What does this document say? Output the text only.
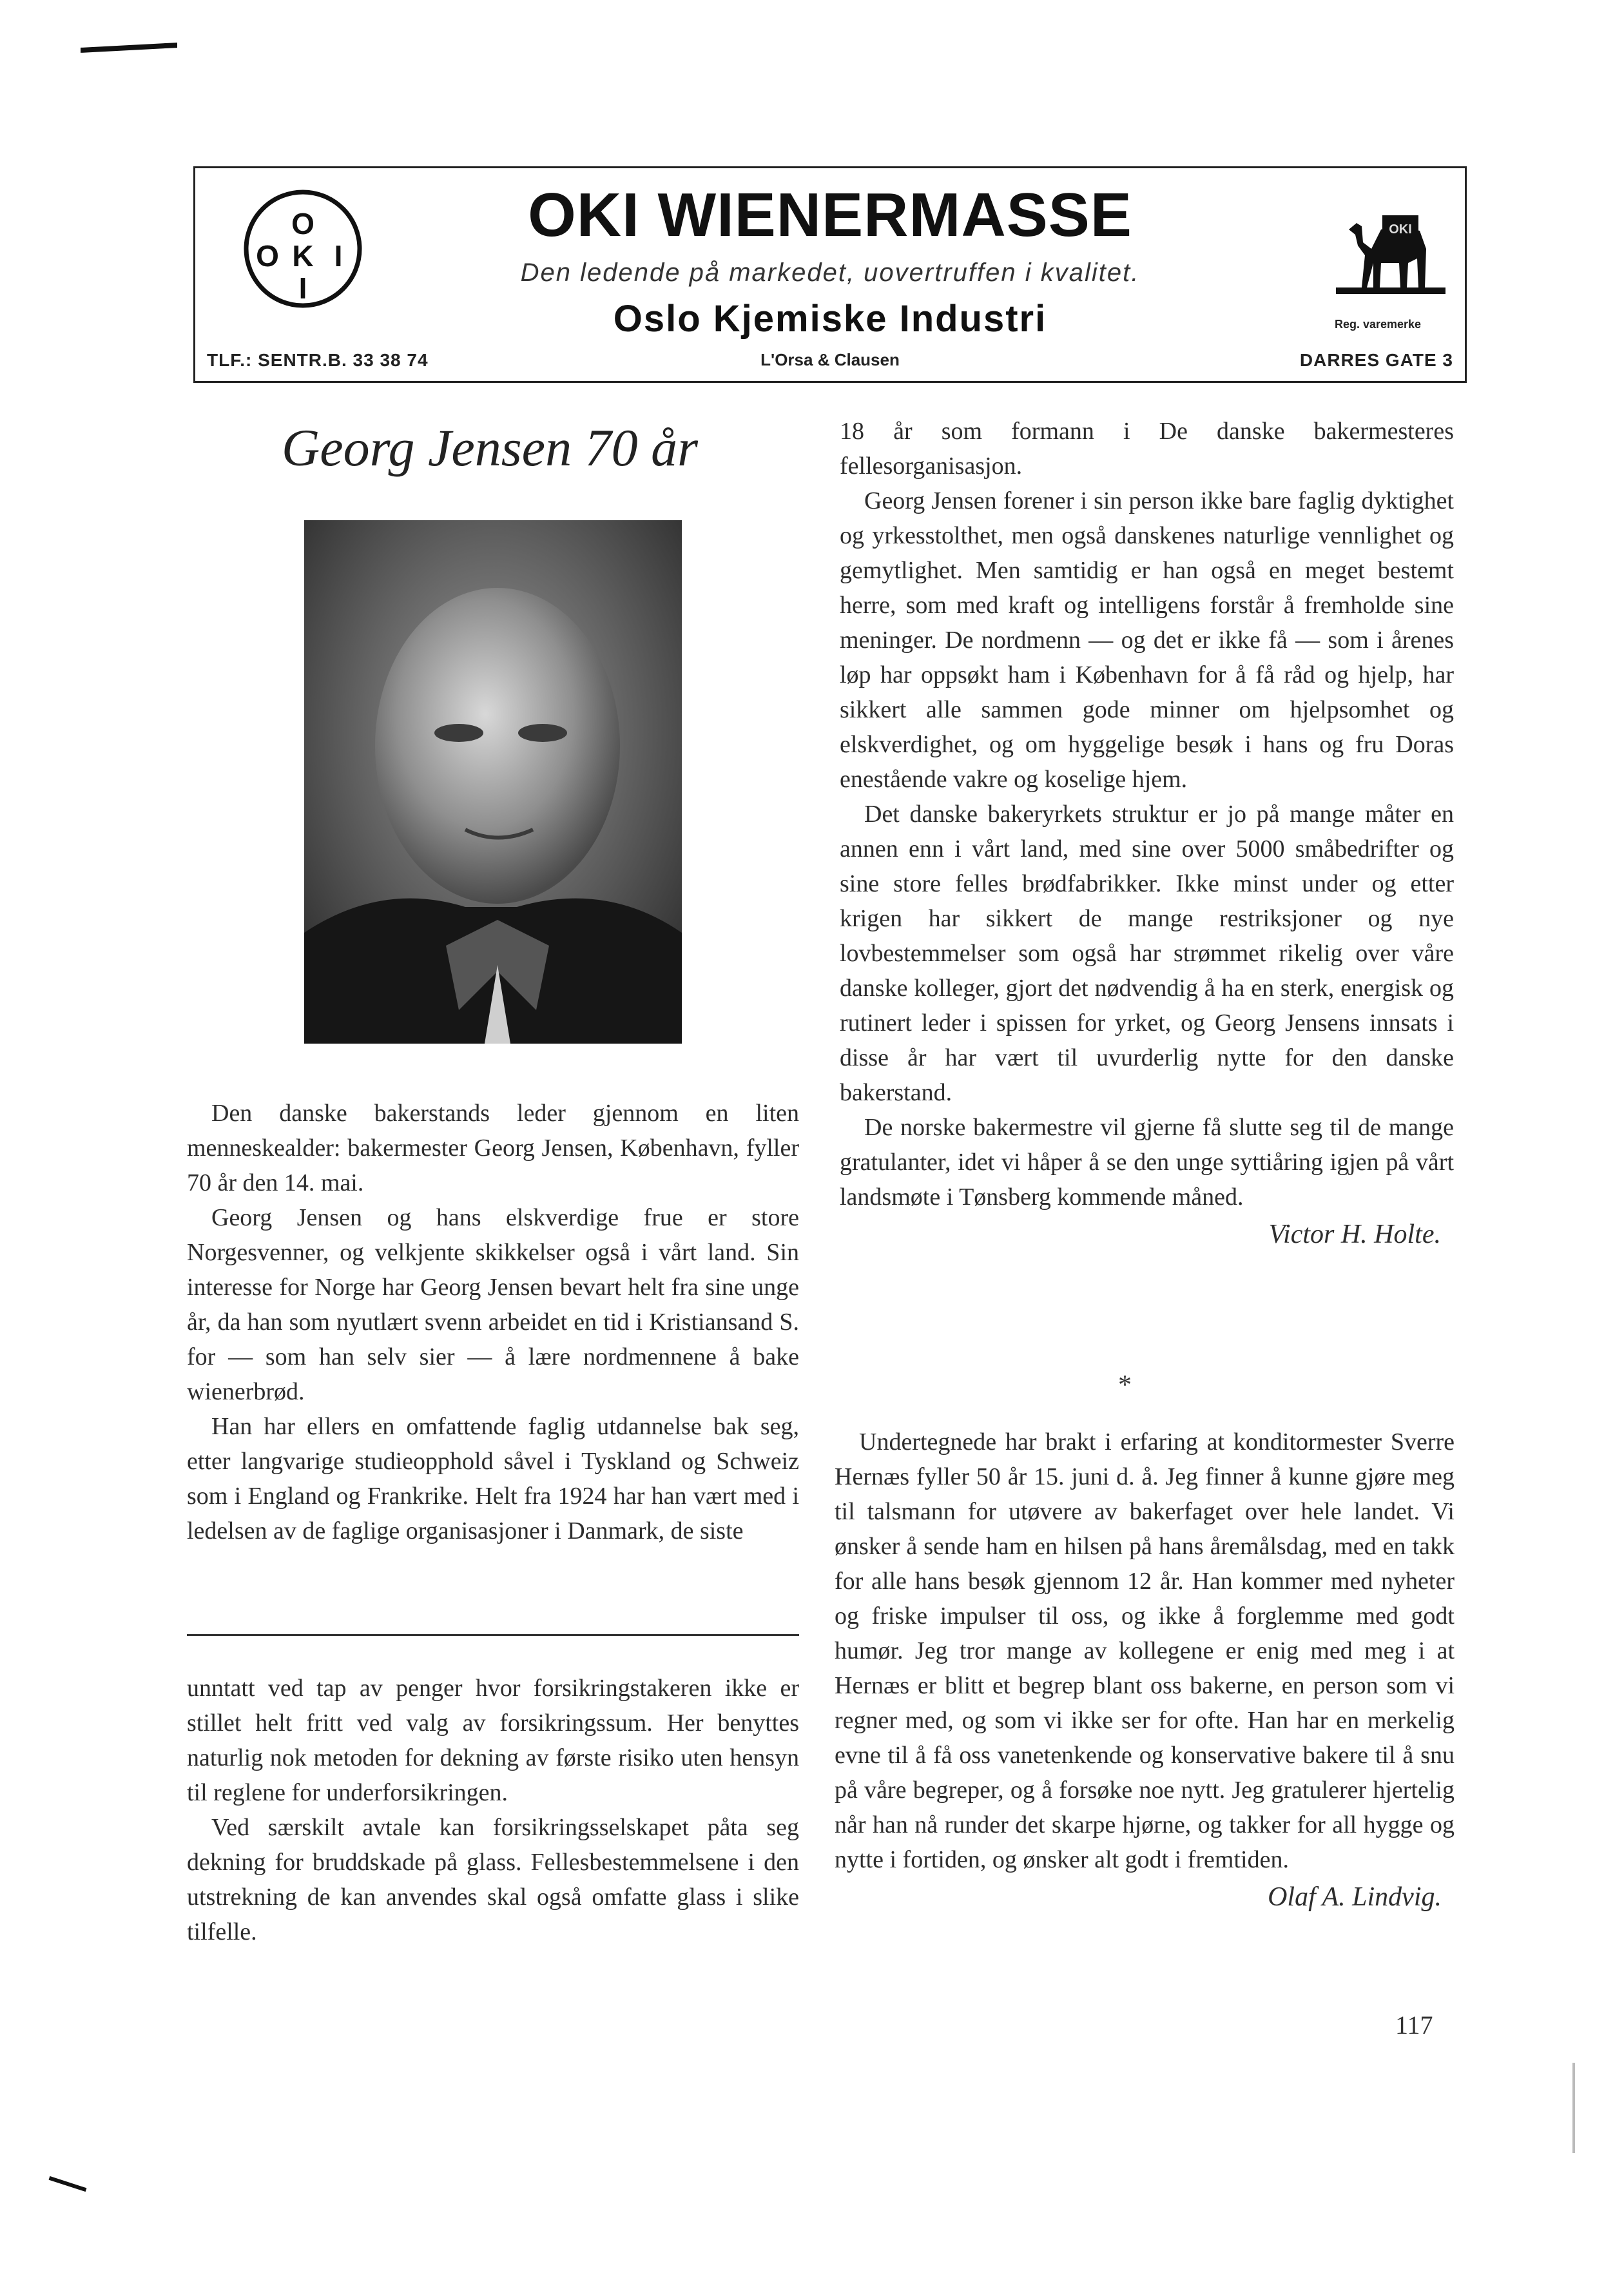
O
K
I
O I
TLF.: SENTR.B. 33 38 74
OKI WIENERMASSE
Den ledende på markedet, uovertruffen i kvalitet.
Oslo Kjemiske Industri
L'Orsa & Clausen
OKI
Reg. varemerke
DARRES GATE 3
Georg Jensen 70 år

Den danske bakerstands leder gjennom en liten menneskealder: bakermester Georg Jensen, København, fyller 70 år den 14. mai.

Georg Jensen og hans elskverdige frue er store Norgesvenner, og velkjente skikkelser også i vårt land. Sin interesse for Norge har Georg Jensen bevart helt fra sine unge år, da han som nyutlært svenn arbeidet en tid i Kristiansand S. for — som han selv sier — å lære nordmennene å bake wienerbrød.

Han har ellers en omfattende faglig utdannelse bak seg, etter langvarige studieopphold såvel i Tyskland og Schweiz som i England og Frankrike. Helt fra 1924 har han vært med i ledelsen av de faglige organisasjoner i Danmark, de siste

unntatt ved tap av penger hvor forsikringstakeren ikke er stillet helt fritt ved valg av forsikringssum. Her benyttes naturlig nok metoden for dekning av første risiko uten hensyn til reglene for underforsikringen.

Ved særskilt avtale kan forsikringsselskapet påta seg dekning for bruddskade på glass. Fellesbestemmelsene i den utstrekning de kan anvendes skal også omfatte glass i slike tilfelle.

18 år som formann i De danske bakermesteres fellesorganisasjon.

Georg Jensen forener i sin person ikke bare faglig dyktighet og yrkesstolthet, men også danskenes naturlige vennlighet og gemytlighet. Men samtidig er han også en meget bestemt herre, som med kraft og intelligens forstår å fremholde sine meninger. De nordmenn — og det er ikke få — som i årenes løp har oppsøkt ham i København for å få råd og hjelp, har sikkert alle sammen gode minner om hjelpsomhet og elskverdighet, og om hyggelige besøk i hans og fru Doras enestående vakre og koselige hjem.

Det danske bakeryrkets struktur er jo på mange måter en annen enn i vårt land, med sine over 5000 småbedrifter og sine store felles brødfabrikker. Ikke minst under og etter krigen har sikkert de mange restriksjoner og nye lovbestemmelser som også har strømmet rikelig over våre danske kolleger, gjort det nødvendig å ha en sterk, energisk og rutinert leder i spissen for yrket, og Georg Jensens innsats i disse år har vært til uvurderlig nytte for den danske bakerstand.

De norske bakermestre vil gjerne få slutte seg til de mange gratulanter, idet vi håper å se den unge syttiåring igjen på vårt landsmøte i Tønsberg kommende måned.

Victor H. Holte.
*

Undertegnede har brakt i erfaring at konditormester Sverre Hernæs fyller 50 år 15. juni d. å. Jeg finner å kunne gjøre meg til talsmann for utøvere av bakerfaget over hele landet. Vi ønsker å sende ham en hilsen på hans åremålsdag, med en takk for alle hans besøk gjennom 12 år. Han kommer med nyheter og friske impulser til oss, og ikke å forglemme med godt humør. Jeg tror mange av kollegene er enig med meg i at Hernæs er blitt et begrep blant oss bakerne, en person som vi regner med, og som vi ikke ser for ofte. Han har en merkelig evne til å få oss vanetenkende og konservative bakere til å snu på våre begreper, og å forsøke noe nytt. Jeg gratulerer hjertelig når han nå runder det skarpe hjørne, og takker for all hygge og nytte i fortiden, og ønsker alt godt i fremtiden.

Olaf A. Lindvig.
117
